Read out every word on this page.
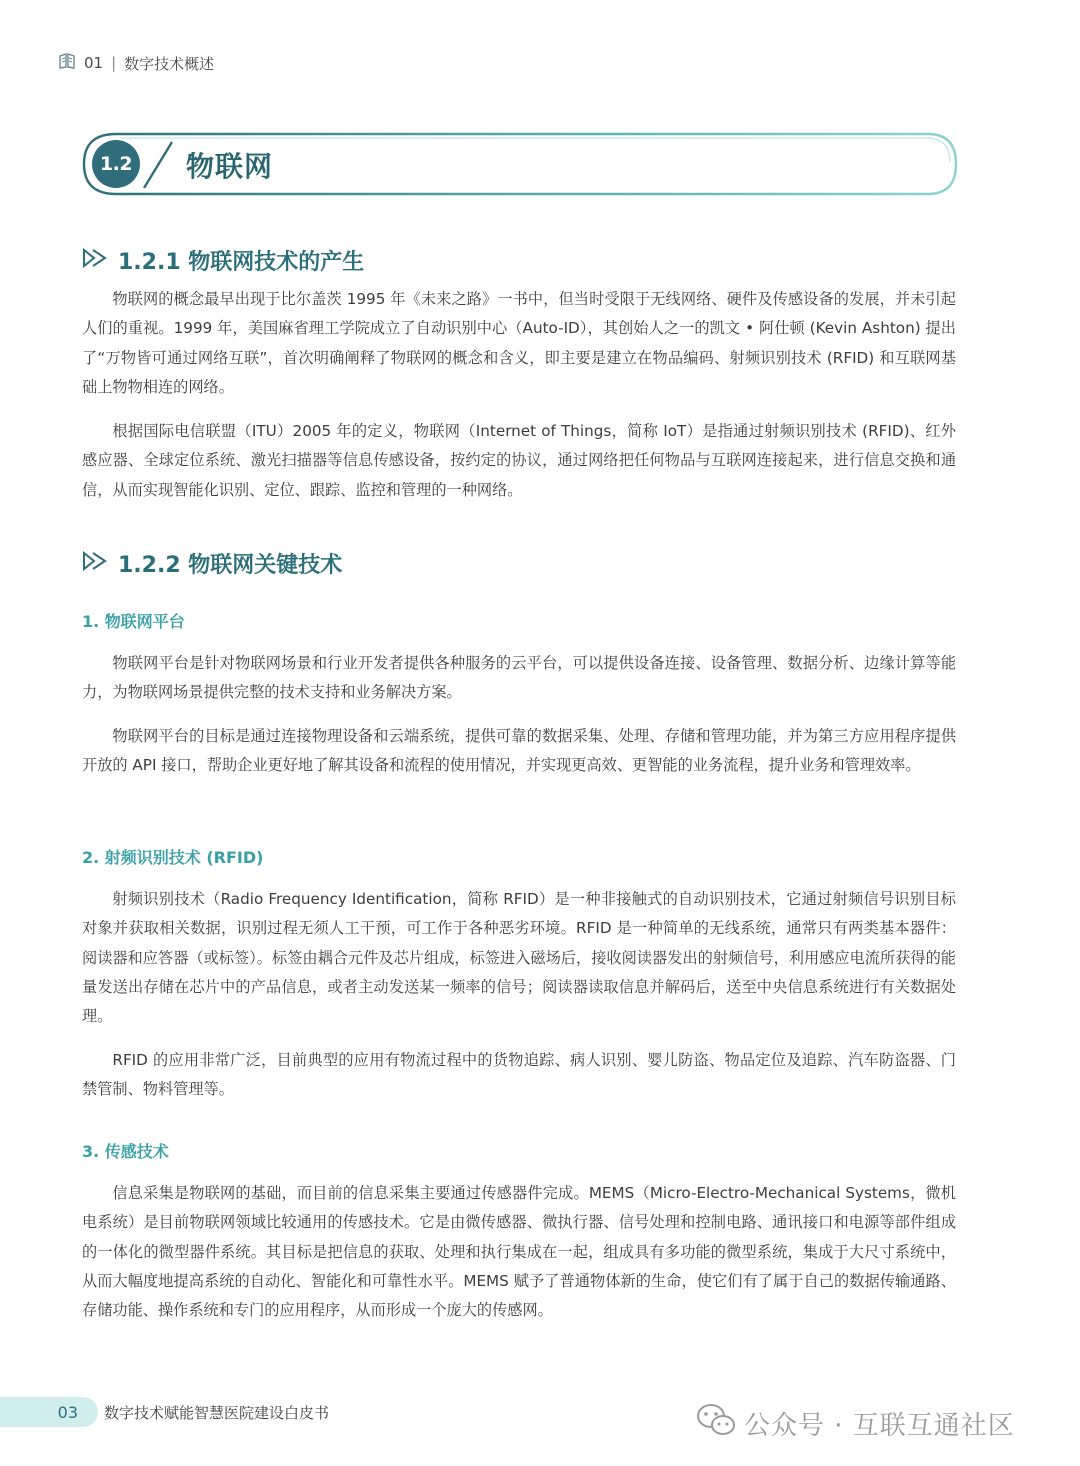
01 | 数字技术概述
1.2 物联网
1.2.1 物联网技术的产生

物联网的概念最早出现于比尔盖茨 1995 年《未来之路》一书中，但当时受限于无线网络、硬件及传感设备的发展，并未引起人们的重视。1999 年，美国麻省理工学院成立了自动识别中心（Auto-ID），其创始人之一的凯文 • 阿仕顿 (Kevin Ashton) 提出了“万物皆可通过网络互联”，首次明确阐释了物联网的概念和含义，即主要是建立在物品编码、射频识别技术 (RFID) 和互联网基础上物物相连的网络。

根据国际电信联盟（ITU）2005 年的定义，物联网（Internet of Things，简称 IoT）是指通过射频识别技术 (RFID)、红外感应器、全球定位系统、激光扫描器等信息传感设备，按约定的协议，通过网络把任何物品与互联网连接起来，进行信息交换和通信，从而实现智能化识别、定位、跟踪、监控和管理的一种网络。

1.2.2 物联网关键技术
1. 物联网平台

物联网平台是针对物联网场景和行业开发者提供各种服务的云平台，可以提供设备连接、设备管理、数据分析、边缘计算等能力，为物联网场景提供完整的技术支持和业务解决方案。

物联网平台的目标是通过连接物理设备和云端系统，提供可靠的数据采集、处理、存储和管理功能，并为第三方应用程序提供开放的 API 接口，帮助企业更好地了解其设备和流程的使用情况，并实现更高效、更智能的业务流程，提升业务和管理效率。

2. 射频识别技术 (RFID)

射频识别技术（Radio Frequency Identification，简称 RFID）是一种非接触式的自动识别技术，它通过射频信号识别目标对象并获取相关数据，识别过程无须人工干预，可工作于各种恶劣环境。RFID 是一种简单的无线系统，通常只有两类基本器件：阅读器和应答器（或标签）。标签由耦合元件及芯片组成，标签进入磁场后，接收阅读器发出的射频信号，利用感应电流所获得的能量发送出存储在芯片中的产品信息，或者主动发送某一频率的信号；阅读器读取信息并解码后，送至中央信息系统进行有关数据处理。

RFID 的应用非常广泛，目前典型的应用有物流过程中的货物追踪、病人识别、婴儿防盗、物品定位及追踪、汽车防盗器、门禁管制、物料管理等。

3. 传感技术

信息采集是物联网的基础，而目前的信息采集主要通过传感器件完成。MEMS（Micro-Electro-Mechanical Systems，微机电系统）是目前物联网领域比较通用的传感技术。它是由微传感器、微执行器、信号处理和控制电路、通讯接口和电源等部件组成的一体化的微型器件系统。其目标是把信息的获取、处理和执行集成在一起，组成具有多功能的微型系统，集成于大尺寸系统中，从而大幅度地提高系统的自动化、智能化和可靠性水平。MEMS 赋予了普通物体新的生命，使它们有了属于自己的数据传输通路、存储功能、操作系统和专门的应用程序，从而形成一个庞大的传感网。

03 数字技术赋能智慧医院建设白皮书	公众号 · 互联互通社区
